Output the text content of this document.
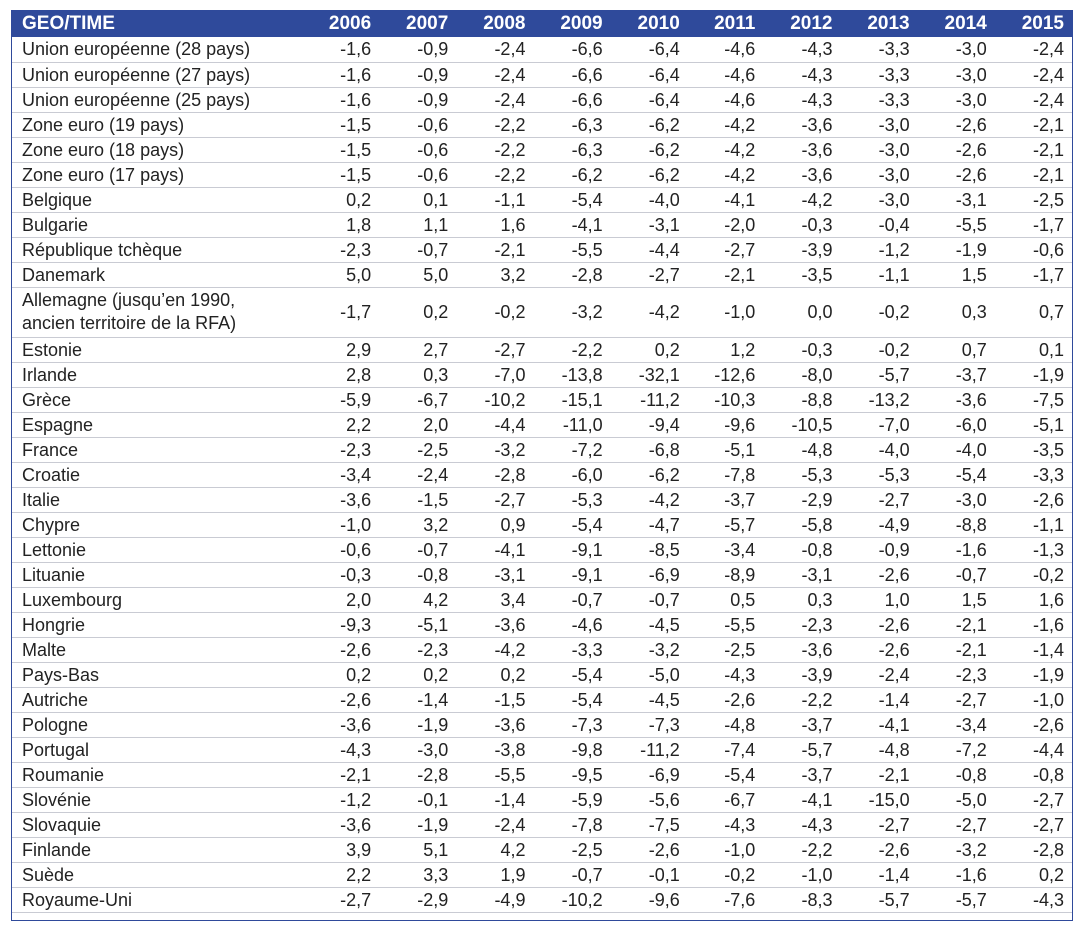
GEO/TIME	2006	2007	2008	2009	2010	2011	2012	2013	2014	2015
Union européenne (28 pays)	-1,6	-0,9	-2,4	-6,6	-6,4	-4,6	-4,3	-3,3	-3,0	-2,4
Union européenne (27 pays)	-1,6	-0,9	-2,4	-6,6	-6,4	-4,6	-4,3	-3,3	-3,0	-2,4
Union européenne (25 pays)	-1,6	-0,9	-2,4	-6,6	-6,4	-4,6	-4,3	-3,3	-3,0	-2,4
Zone euro (19 pays)	-1,5	-0,6	-2,2	-6,3	-6,2	-4,2	-3,6	-3,0	-2,6	-2,1
Zone euro (18 pays)	-1,5	-0,6	-2,2	-6,3	-6,2	-4,2	-3,6	-3,0	-2,6	-2,1
Zone euro (17 pays)	-1,5	-0,6	-2,2	-6,2	-6,2	-4,2	-3,6	-3,0	-2,6	-2,1
Belgique	0,2	0,1	-1,1	-5,4	-4,0	-4,1	-4,2	-3,0	-3,1	-2,5
Bulgarie	1,8	1,1	1,6	-4,1	-3,1	-2,0	-0,3	-0,4	-5,5	-1,7
République tchèque	-2,3	-0,7	-2,1	-5,5	-4,4	-2,7	-3,9	-1,2	-1,9	-0,6
Danemark	5,0	5,0	3,2	-2,8	-2,7	-2,1	-3,5	-1,1	1,5	-1,7

Allemagne (jusqu’en 1990,
ancien territoire de la RFA)	-1,7	0,2	-0,2	-3,2	-4,2	-1,0	0,0	-0,2	0,3	0,7
Estonie	2,9	2,7	-2,7	-2,2	0,2	1,2	-0,3	-0,2	0,7	0,1
Irlande	2,8	0,3	-7,0	-13,8	-32,1	-12,6	-8,0	-5,7	-3,7	-1,9
Grèce	-5,9	-6,7	-10,2	-15,1	-11,2	-10,3	-8,8	-13,2	-3,6	-7,5
Espagne	2,2	2,0	-4,4	-11,0	-9,4	-9,6	-10,5	-7,0	-6,0	-5,1
France	-2,3	-2,5	-3,2	-7,2	-6,8	-5,1	-4,8	-4,0	-4,0	-3,5
Croatie	-3,4	-2,4	-2,8	-6,0	-6,2	-7,8	-5,3	-5,3	-5,4	-3,3
Italie	-3,6	-1,5	-2,7	-5,3	-4,2	-3,7	-2,9	-2,7	-3,0	-2,6
Chypre	-1,0	3,2	0,9	-5,4	-4,7	-5,7	-5,8	-4,9	-8,8	-1,1
Lettonie	-0,6	-0,7	-4,1	-9,1	-8,5	-3,4	-0,8	-0,9	-1,6	-1,3
Lituanie	-0,3	-0,8	-3,1	-9,1	-6,9	-8,9	-3,1	-2,6	-0,7	-0,2
Luxembourg	2,0	4,2	3,4	-0,7	-0,7	0,5	0,3	1,0	1,5	1,6
Hongrie	-9,3	-5,1	-3,6	-4,6	-4,5	-5,5	-2,3	-2,6	-2,1	-1,6
Malte	-2,6	-2,3	-4,2	-3,3	-3,2	-2,5	-3,6	-2,6	-2,1	-1,4
Pays-Bas	0,2	0,2	0,2	-5,4	-5,0	-4,3	-3,9	-2,4	-2,3	-1,9
Autriche	-2,6	-1,4	-1,5	-5,4	-4,5	-2,6	-2,2	-1,4	-2,7	-1,0
Pologne	-3,6	-1,9	-3,6	-7,3	-7,3	-4,8	-3,7	-4,1	-3,4	-2,6
Portugal	-4,3	-3,0	-3,8	-9,8	-11,2	-7,4	-5,7	-4,8	-7,2	-4,4
Roumanie	-2,1	-2,8	-5,5	-9,5	-6,9	-5,4	-3,7	-2,1	-0,8	-0,8
Slovénie	-1,2	-0,1	-1,4	-5,9	-5,6	-6,7	-4,1	-15,0	-5,0	-2,7
Slovaquie	-3,6	-1,9	-2,4	-7,8	-7,5	-4,3	-4,3	-2,7	-2,7	-2,7
Finlande	3,9	5,1	4,2	-2,5	-2,6	-1,0	-2,2	-2,6	-3,2	-2,8
Suède	2,2	3,3	1,9	-0,7	-0,1	-0,2	-1,0	-1,4	-1,6	0,2
Royaume-Uni	-2,7	-2,9	-4,9	-10,2	-9,6	-7,6	-8,3	-5,7	-5,7	-4,3
